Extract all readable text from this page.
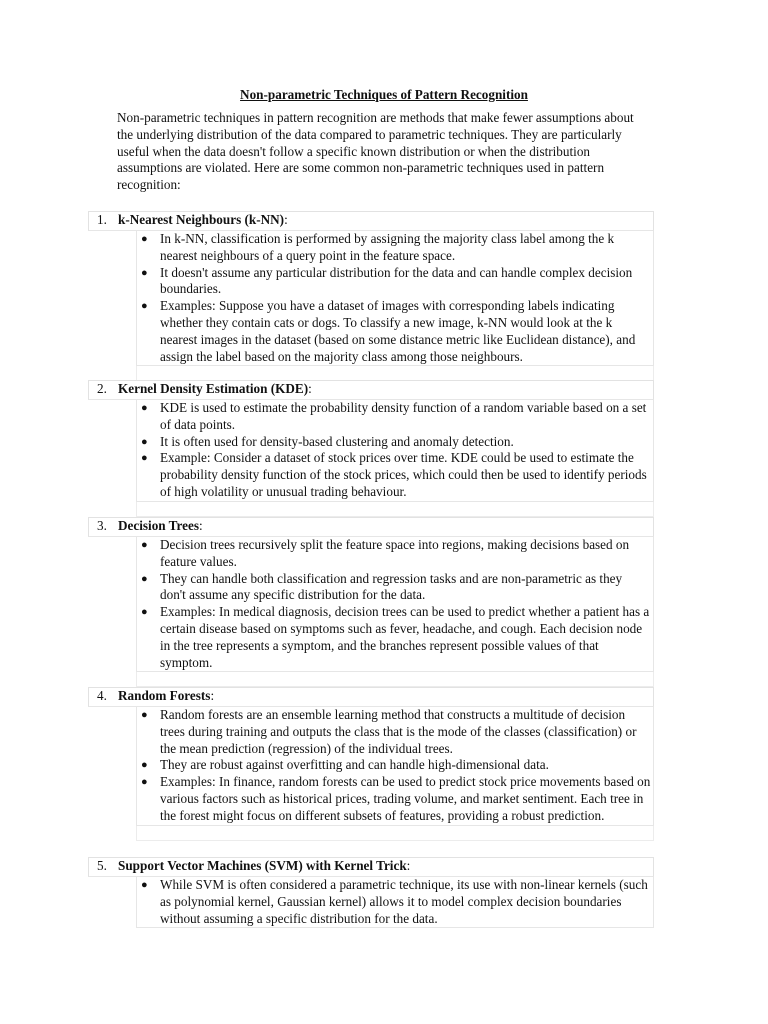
Non-parametric Techniques of Pattern Recognition

Non-parametric techniques in pattern recognition are methods that make fewer assumptions about the underlying distribution of the data compared to parametric techniques. They are particularly useful when the data doesn't follow a specific known distribution or when the distribution assumptions are violated. Here are some common non-parametric techniques used in pattern recognition:

1. k-Nearest Neighbours (k-NN):
● In k-NN, classification is performed by assigning the majority class label among the k nearest neighbours of a query point in the feature space.
● It doesn't assume any particular distribution for the data and can handle complex decision boundaries.
● Examples: Suppose you have a dataset of images with corresponding labels indicating whether they contain cats or dogs. To classify a new image, k-NN would look at the k nearest images in the dataset (based on some distance metric like Euclidean distance), and assign the label based on the majority class among those neighbours.
2. Kernel Density Estimation (KDE):
● KDE is used to estimate the probability density function of a random variable based on a set of data points.
● It is often used for density-based clustering and anomaly detection.
● Example: Consider a dataset of stock prices over time. KDE could be used to estimate the probability density function of the stock prices, which could then be used to identify periods of high volatility or unusual trading behaviour.
3. Decision Trees:
● Decision trees recursively split the feature space into regions, making decisions based on feature values.
● They can handle both classification and regression tasks and are non-parametric as they don't assume any specific distribution for the data.
● Examples: In medical diagnosis, decision trees can be used to predict whether a patient has a certain disease based on symptoms such as fever, headache, and cough. Each decision node in the tree represents a symptom, and the branches represent possible values of that symptom.
4. Random Forests:
● Random forests are an ensemble learning method that constructs a multitude of decision trees during training and outputs the class that is the mode of the classes (classification) or the mean prediction (regression) of the individual trees.
● They are robust against overfitting and can handle high-dimensional data.
● Examples: In finance, random forests can be used to predict stock price movements based on various factors such as historical prices, trading volume, and market sentiment. Each tree in the forest might focus on different subsets of features, providing a robust prediction.
5. Support Vector Machines (SVM) with Kernel Trick:
● While SVM is often considered a parametric technique, its use with non-linear kernels (such as polynomial kernel, Gaussian kernel) allows it to model complex decision boundaries without assuming a specific distribution for the data.
